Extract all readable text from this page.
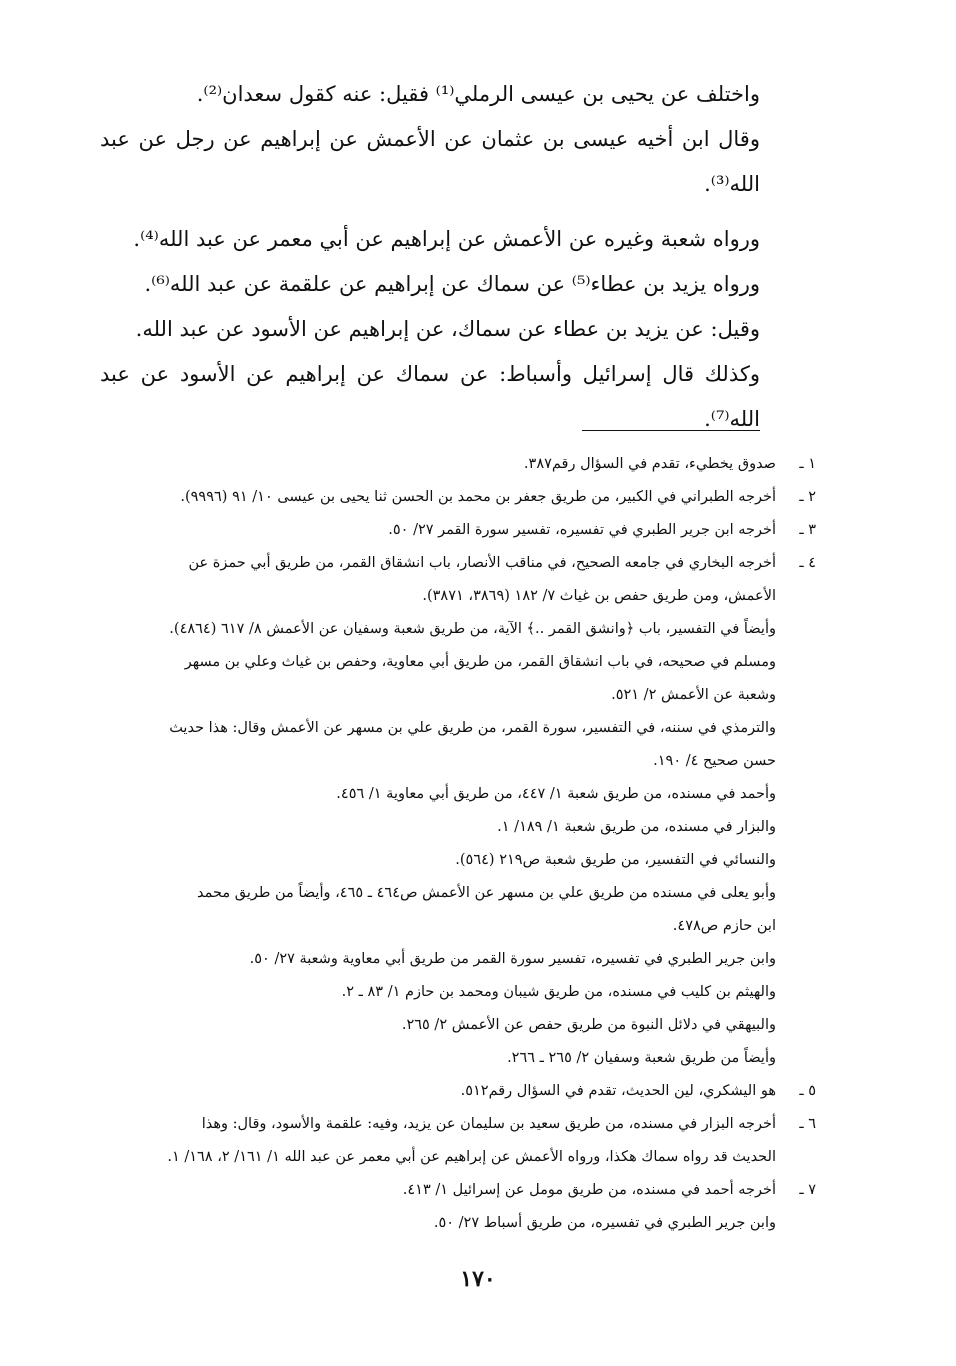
واختلف عن يحيى بن عيسى الرملي⁽¹⁾ فقيل: عنه كقول سعدان⁽²⁾.

وقال ابن أخيه عيسى بن عثمان عن الأعمش عن إبراهيم عن رجل عن عبد الله⁽³⁾.

ورواه شعبة وغيره عن الأعمش عن إبراهيم عن أبي معمر عن عبد الله⁽⁴⁾.

ورواه يزيد بن عطاء⁽⁵⁾ عن سماك عن إبراهيم عن علقمة عن عبد الله⁽⁶⁾.

وقيل: عن يزيد بن عطاء عن سماك، عن إبراهيم عن الأسود عن عبد الله.

وكذلك قال إسرائيل وأسباط: عن سماك عن إبراهيم عن الأسود عن عبد الله⁽⁷⁾.

١ ـ
صدوق يخطيء، تقدم في السؤال رقم٣٨٧.
٢ ـ
أخرجه الطبراني في الكبير، من طريق جعفر بن محمد بن الحسن ثنا يحيى بن عيسى ١٠/ ٩١ (٩٩٩٦).
٣ ـ
أخرجه ابن جرير الطبري في تفسيره، تفسير سورة القمر ٢٧/ ٥٠.
٤ ـ
أخرجه البخاري في جامعه الصحيح، في مناقب الأنصار، باب انشقاق القمر، من طريق أبي حمزة عن
الأعمش، ومن طريق حفص بن غياث ٧/ ١٨٢ (٣٨٦٩، ٣٨٧١).
وأيضاً في التفسير، باب ﴿وانشق القمر ..﴾ الآية، من طريق شعبة وسفيان عن الأعمش ٨/ ٦١٧ (٤٨٦٤).
ومسلم في صحيحه، في باب انشقاق القمر، من طريق أبي معاوية، وحفص بن غياث وعلي بن مسهر
وشعبة عن الأعمش ٢/ ٥٢١.
والترمذي في سننه، في التفسير، سورة القمر، من طريق علي بن مسهر عن الأعمش وقال: هذا حديث
حسن صحيح ٤/ ١٩٠.
وأحمد في مسنده، من طريق شعبة ١/ ٤٤٧، من طريق أبي معاوية ١/ ٤٥٦.
والبزار في مسنده، من طريق شعبة ١/ ١٨٩/ ١.
والنسائي في التفسير، من طريق شعبة ص٢١٩ (٥٦٤).
وأبو يعلى في مسنده من طريق علي بن مسهر عن الأعمش ص٤٦٤ ـ ٤٦٥، وأيضاً من طريق محمد
ابن حازم ص٤٧٨.
وابن جرير الطبري في تفسيره، تفسير سورة القمر من طريق أبي معاوية وشعبة ٢٧/ ٥٠.
والهيثم بن كليب في مسنده، من طريق شيبان ومحمد بن حازم ١/ ٨٣ ـ ٢.
والبيهقي في دلائل النبوة من طريق حفص عن الأعمش ٢/ ٢٦٥.
وأيضاً من طريق شعبة وسفيان ٢/ ٢٦٥ ـ ٢٦٦.
٥ ـ
هو اليشكري، لين الحديث، تقدم في السؤال رقم٥١٢.
٦ ـ
أخرجه البزار في مسنده، من طريق سعيد بن سليمان عن يزيد، وفيه: علقمة والأسود، وقال: وهذا
الحديث قد رواه سماك هكذا، ورواه الأعمش عن إبراهيم عن أبي معمر عن عبد الله ١/ ١٦١/ ٢، ١٦٨/ ١.
٧ ـ
أخرجه أحمد في مسنده، من طريق مومل عن إسرائيل ١/ ٤١٣.
وابن جرير الطبري في تفسيره، من طريق أسباط ٢٧/ ٥٠.
١٧٠
